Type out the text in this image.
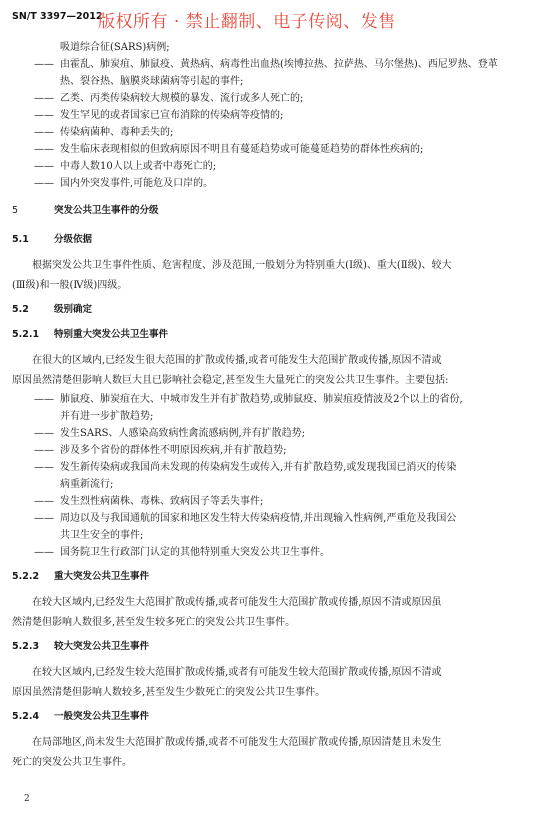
SN/T 3397—2012
版权所有 · 禁止翻制、电子传阅、发售
吸道综合征(SARS)病例;
—— 由霍乱、肺炭疽、肺鼠疫、黄热病、病毒性出血热(埃博拉热、拉萨热、马尔堡热)、西尼罗热、登革
热、裂谷热、脑膜炎球菌病等引起的事件;
—— 乙类、丙类传染病较大规模的暴发、流行或多人死亡的;
—— 发生罕见的或者国家已宣布消除的传染病等疫情的;
—— 传染病菌种、毒种丢失的;
—— 发生临床表现相似的但致病原因不明且有蔓延趋势或可能蔓延趋势的群体性疾病的;
—— 中毒人数10人以上或者中毒死亡的;
—— 国内外突发事件,可能危及口岸的。
5	突发公共卫生事件的分级
5.1	分级依据

根据突发公共卫生事件性质、危害程度、涉及范围,一般划分为特别重大(Ⅰ级)、重大(Ⅱ级)、较大

(Ⅲ级)和一般(Ⅳ级)四级。

5.2	级别确定
5.2.1 特别重大突发公共卫生事件

在很大的区域内,已经发生很大范围的扩散或传播,或者可能发生大范围扩散或传播,原因不清或

原因虽然清楚但影响人数巨大且已影响社会稳定,甚至发生大量死亡的突发公共卫生事件。主要包括:

—— 肺鼠疫、肺炭疽在大、中城市发生并有扩散趋势,或肺鼠疫、肺炭疽疫情波及2个以上的省份,
并有进一步扩散趋势;
—— 发生SARS、人感染高致病性禽流感病例,并有扩散趋势;
—— 涉及多个省份的群体性不明原因疾病,并有扩散趋势;
—— 发生新传染病或我国尚未发现的传染病发生或传入,并有扩散趋势,或发现我国已消灭的传染
病重新流行;
—— 发生烈性病菌株、毒株、致病因子等丢失事件;
—— 周边以及与我国通航的国家和地区发生特大传染病疫情,并出现输入性病例,严重危及我国公
共卫生安全的事件;
—— 国务院卫生行政部门认定的其他特别重大突发公共卫生事件。
5.2.2 重大突发公共卫生事件

在较大区域内,已经发生大范围扩散或传播,或者可能发生大范围扩散或传播,原因不清或原因虽

然清楚但影响人数很多,甚至发生较多死亡的突发公共卫生事件。

5.2.3 较大突发公共卫生事件

在较大区域内,已经发生较大范围扩散或传播,或者有可能发生较大范围扩散或传播,原因不清或

原因虽然清楚但影响人数较多,甚至发生少数死亡的突发公共卫生事件。

5.2.4 一般突发公共卫生事件

在局部地区,尚未发生大范围扩散或传播,或者不可能发生大范围扩散或传播,原因清楚且未发生

死亡的突发公共卫生事件。

2
